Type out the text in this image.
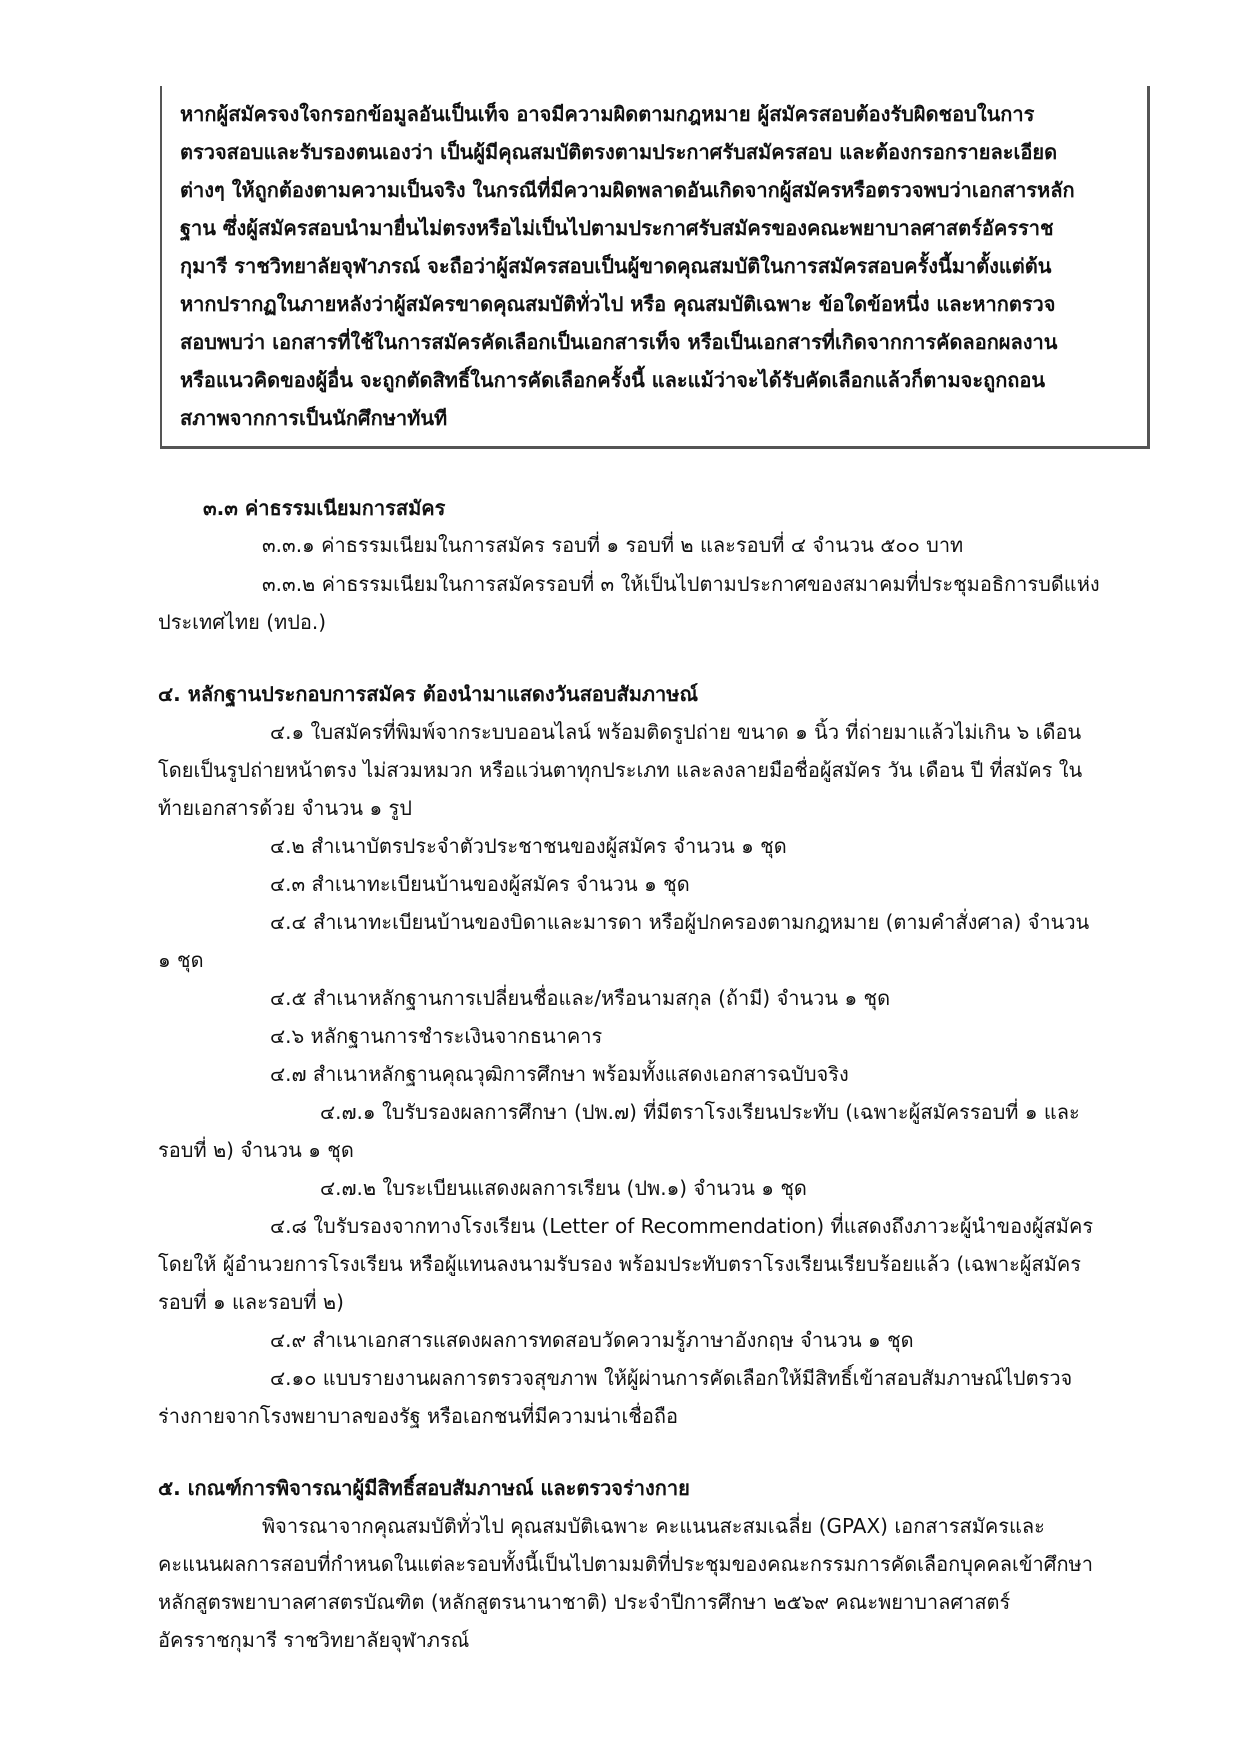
หากผู้สมัครจงใจกรอกข้อมูลอันเป็นเท็จ อาจมีความผิดตามกฎหมาย ผู้สมัครสอบต้องรับผิดชอบในการ
ตรวจสอบและรับรองตนเองว่า เป็นผู้มีคุณสมบัติตรงตามประกาศรับสมัครสอบ และต้องกรอกรายละเอียด
ต่างๆ ให้ถูกต้องตามความเป็นจริง ในกรณีที่มีความผิดพลาดอันเกิดจากผู้สมัครหรือตรวจพบว่าเอกสารหลัก
ฐาน ซึ่งผู้สมัครสอบนำมายื่นไม่ตรงหรือไม่เป็นไปตามประกาศรับสมัครของคณะพยาบาลศาสตร์อัครราช
กุมารี ราชวิทยาลัยจุฬาภรณ์ จะถือว่าผู้สมัครสอบเป็นผู้ขาดคุณสมบัติในการสมัครสอบครั้งนี้มาตั้งแต่ต้น
หากปรากฏในภายหลังว่าผู้สมัครขาดคุณสมบัติทั่วไป หรือ คุณสมบัติเฉพาะ ข้อใดข้อหนึ่ง และหากตรวจ
สอบพบว่า เอกสารที่ใช้ในการสมัครคัดเลือกเป็นเอกสารเท็จ หรือเป็นเอกสารที่เกิดจากการคัดลอกผลงาน
หรือแนวคิดของผู้อื่น จะถูกตัดสิทธิ์ในการคัดเลือกครั้งนี้ และแม้ว่าจะได้รับคัดเลือกแล้วก็ตามจะถูกถอน
สภาพจากการเป็นนักศึกษาทันที
๓.๓ ค่าธรรมเนียมการสมัคร
๓.๓.๑ ค่าธรรมเนียมในการสมัคร รอบที่ ๑ รอบที่ ๒ และรอบที่ ๔ จำนวน ๕๐๐ บาท
๓.๓.๒ ค่าธรรมเนียมในการสมัครรอบที่ ๓ ให้เป็นไปตามประกาศของสมาคมที่ประชุมอธิการบดีแห่ง
ประเทศไทย (ทปอ.)
๔. หลักฐานประกอบการสมัคร ต้องนำมาแสดงวันสอบสัมภาษณ์
๔.๑ ใบสมัครที่พิมพ์จากระบบออนไลน์ พร้อมติดรูปถ่าย ขนาด ๑ นิ้ว ที่ถ่ายมาแล้วไม่เกิน ๖ เดือน
โดยเป็นรูปถ่ายหน้าตรง ไม่สวมหมวก หรือแว่นตาทุกประเภท และลงลายมือชื่อผู้สมัคร วัน เดือน ปี ที่สมัคร ใน
ท้ายเอกสารด้วย จำนวน ๑ รูป
๔.๒ สำเนาบัตรประจำตัวประชาชนของผู้สมัคร จำนวน ๑ ชุด
๔.๓ สำเนาทะเบียนบ้านของผู้สมัคร จำนวน ๑ ชุด
๔.๔ สำเนาทะเบียนบ้านของบิดาและมารดา หรือผู้ปกครองตามกฎหมาย (ตามคำสั่งศาล) จำนวน
๑ ชุด
๔.๕ สำเนาหลักฐานการเปลี่ยนชื่อและ/หรือนามสกุล (ถ้ามี) จำนวน ๑ ชุด
๔.๖ หลักฐานการชำระเงินจากธนาคาร
๔.๗ สำเนาหลักฐานคุณวุฒิการศึกษา พร้อมทั้งแสดงเอกสารฉบับจริง
๔.๗.๑ ใบรับรองผลการศึกษา (ปพ.๗) ที่มีตราโรงเรียนประทับ (เฉพาะผู้สมัครรอบที่ ๑ และ
รอบที่ ๒) จำนวน ๑ ชุด
๔.๗.๒ ใบระเบียนแสดงผลการเรียน (ปพ.๑) จำนวน ๑ ชุด
๔.๘ ใบรับรองจากทางโรงเรียน (Letter of Recommendation) ที่แสดงถึงภาวะผู้นำของผู้สมัคร
โดยให้ ผู้อำนวยการโรงเรียน หรือผู้แทนลงนามรับรอง พร้อมประทับตราโรงเรียนเรียบร้อยแล้ว (เฉพาะผู้สมัคร
รอบที่ ๑ และรอบที่ ๒)
๔.๙ สำเนาเอกสารแสดงผลการทดสอบวัดความรู้ภาษาอังกฤษ จำนวน ๑ ชุด
๔.๑๐ แบบรายงานผลการตรวจสุขภาพ ให้ผู้ผ่านการคัดเลือกให้มีสิทธิ์เข้าสอบสัมภาษณ์ไปตรวจ
ร่างกายจากโรงพยาบาลของรัฐ หรือเอกชนที่มีความน่าเชื่อถือ
๕. เกณฑ์การพิจารณาผู้มีสิทธิ์สอบสัมภาษณ์ และตรวจร่างกาย
พิจารณาจากคุณสมบัติทั่วไป คุณสมบัติเฉพาะ คะแนนสะสมเฉลี่ย (GPAX) เอกสารสมัครและ
คะแนนผลการสอบที่กำหนดในแต่ละรอบทั้งนี้เป็นไปตามมติที่ประชุมของคณะกรรมการคัดเลือกบุคคลเข้าศึกษา
หลักสูตรพยาบาลศาสตรบัณฑิต (หลักสูตรนานาชาติ) ประจำปีการศึกษา ๒๕๖๙ คณะพยาบาลศาสตร์
อัครราชกุมารี ราชวิทยาลัยจุฬาภรณ์
